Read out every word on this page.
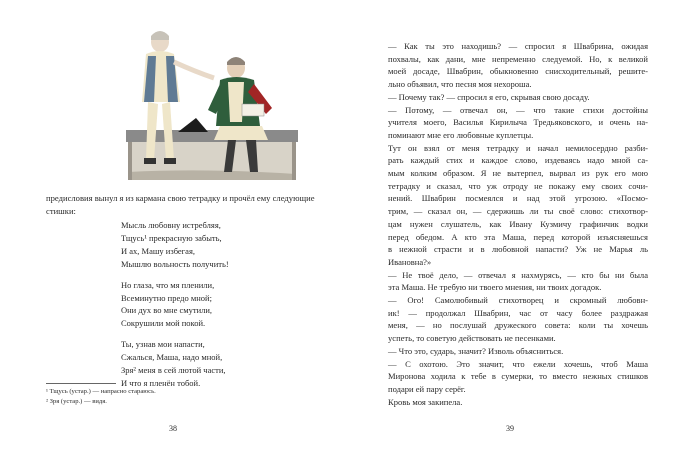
предисловия вынул я из кармана свою тетрадку и прочёл ему следующие стишки:

Мысль любовну истребляя,
Тщусь¹ прекрасную забыть,
И ах, Машу избегая,
Мышлю вольность получить!
Но глаза, что мя пленили,
Всеминутно предо мной;
Они дух во мне смутили,
Сокрушили мой покой.
Ты, узнав мои напасти,
Сжалься, Маша, надо мной,
Зря² меня в сей лютой части,
И что я пленён тобой.
¹ Тщусь (устар.) — напрасно стараюсь.
² Зря (устар.) — видя.
38

— Как ты это находишь? — спросил я Швабрина, ожидая
похвалы, как дани, мне непременно следуемой. Но, к великой
моей досаде, Швабрин, обыкновенно снисходительный, решите-
льно объявил, что песня моя нехороша.

— Почему так? — спросил я его, скрывая свою досаду.

— Потому, — отвечал он, — что такие стихи достойны
учителя моего, Василья Кирилыча Тредьяковского, и очень на-
поминают мне его любовные куплетцы.

Тут он взял от меня тетрадку и начал немилосердно разби-
рать каждый стих и каждое слово, издеваясь надо мной са-
мым колким образом. Я не вытерпел, вырвал из рук его мою
тетрадку и сказал, что уж отроду не покажу ему своих сочи-
нений. Швабрин посмеялся и над этой угрозою. «Посмо-
трим, — сказал он, — сдержишь ли ты своё слово: стихотвор-
цам нужен слушатель, как Ивану Кузмичу графинчик водки
перед обедом. А кто эта Маша, перед которой изъясняешься
в нежной страсти и в любовной напасти? Уж не Марья ль
Ивановна?»

— Не твоё дело, — отвечал я нахмурясь, — кто бы ни была
эта Маша. Не требую ни твоего мнения, ни твоих догадок.

— Ого! Самолюбивый стихотворец и скромный любовн-
ик! — продолжал Швабрин, час от часу более раздражая
меня, — но послушай дружеского совета: коли ты хочешь
успеть, то советую действовать не песенками.

— Что это, сударь, значит? Изволь объясниться.

— С охотою. Это значит, что ежели хочешь, чтоб Маша
Миронова ходила к тебе в сумерки, то вместо нежных стишков
подари ей пару серёг.

Кровь моя закипела.

39
